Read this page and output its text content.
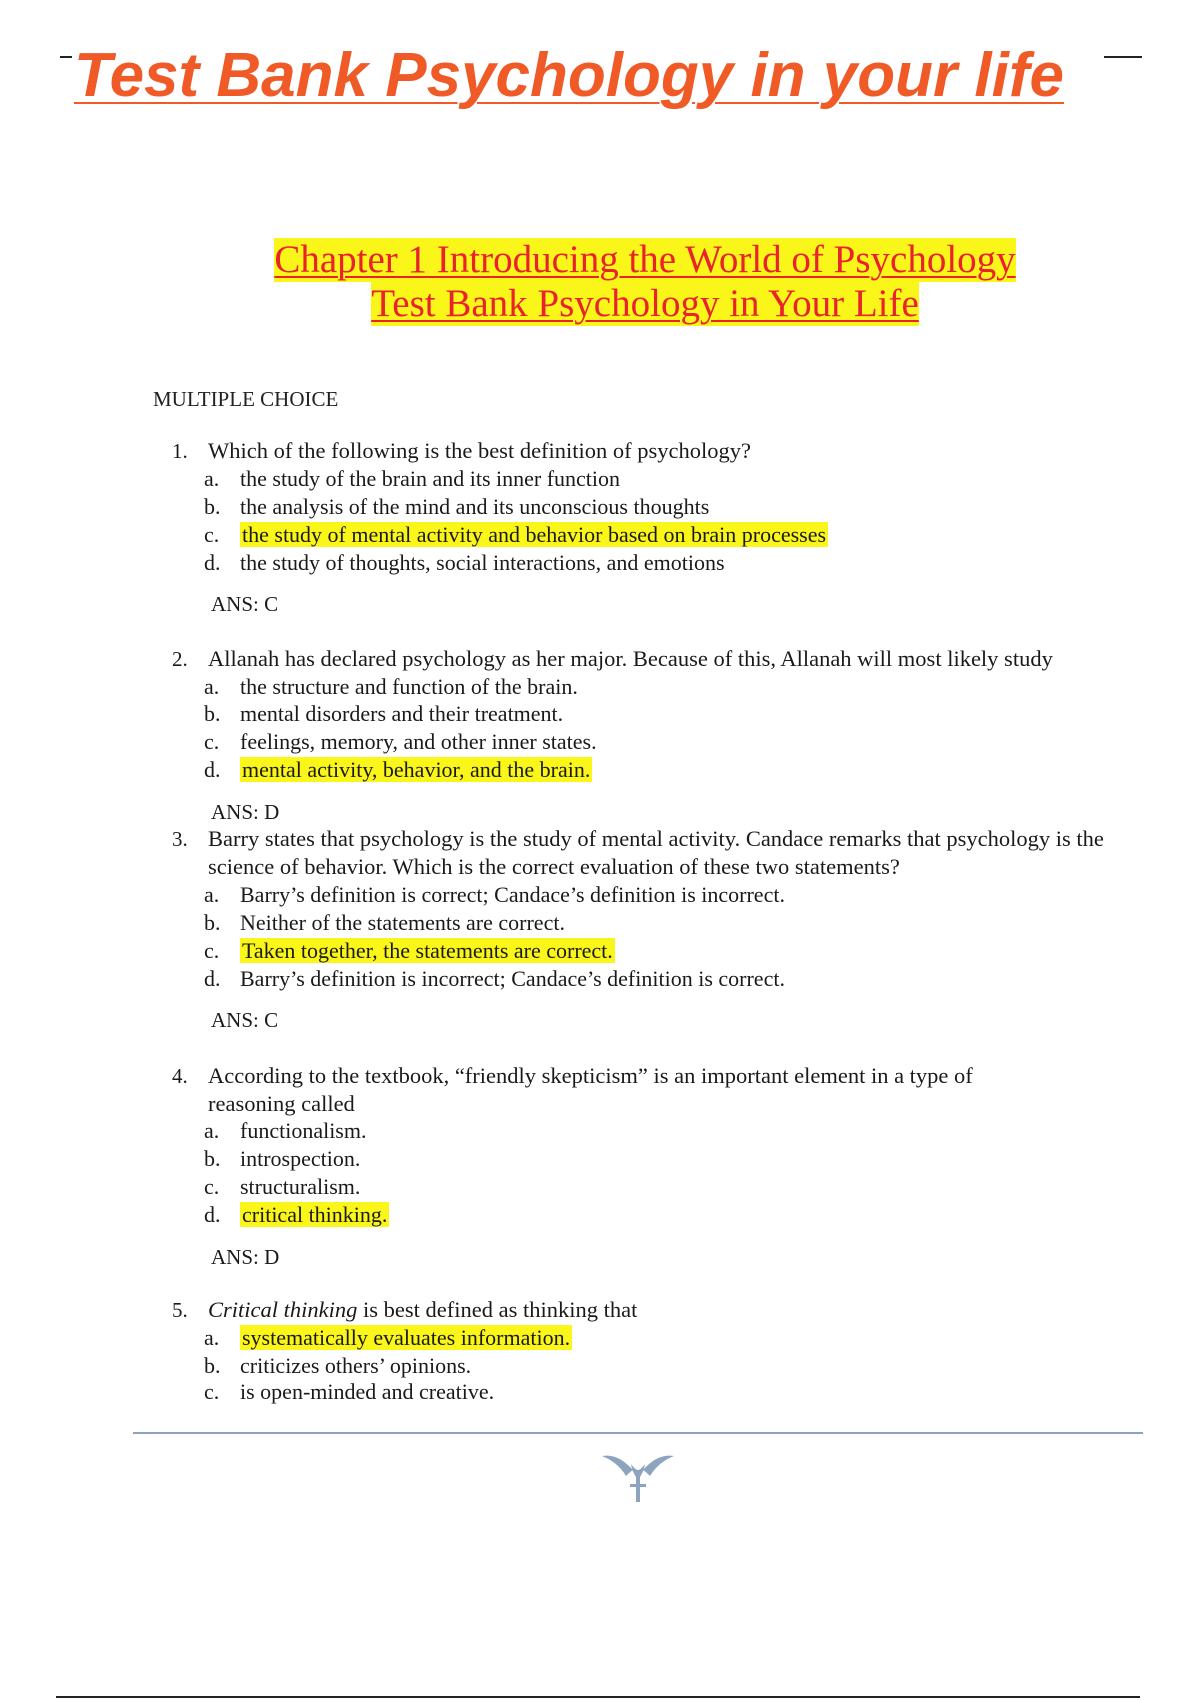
Test Bank Psychology in your life
Chapter 1 Introducing the World of Psychology
Test Bank Psychology in Your Life
MULTIPLE CHOICE
1. Which of the following is the best definition of psychology?
a. the study of the brain and its inner function
b. the analysis of the mind and its unconscious thoughts
c. the study of mental activity and behavior based on brain processes
d. the study of thoughts, social interactions, and emotions
ANS: C
2. Allanah has declared psychology as her major. Because of this, Allanah will most likely study
a. the structure and function of the brain.
b. mental disorders and their treatment.
c. feelings, memory, and other inner states.
d. mental activity, behavior, and the brain.
ANS: D
3. Barry states that psychology is the study of mental activity. Candace remarks that psychology is the science of behavior. Which is the correct evaluation of these two statements?
a. Barry’s definition is correct; Candace’s definition is incorrect.
b. Neither of the statements are correct.
c. Taken together, the statements are correct.
d. Barry’s definition is incorrect; Candace’s definition is correct.
ANS: C
4. According to the textbook, “friendly skepticism” is an important element in a type of reasoning called
a. functionalism.
b. introspection.
c. structuralism.
d. critical thinking.
ANS: D
5. Critical thinking is best defined as thinking that
a. systematically evaluates information.
b. criticizes others’ opinions.
c. is open-minded and creative.
